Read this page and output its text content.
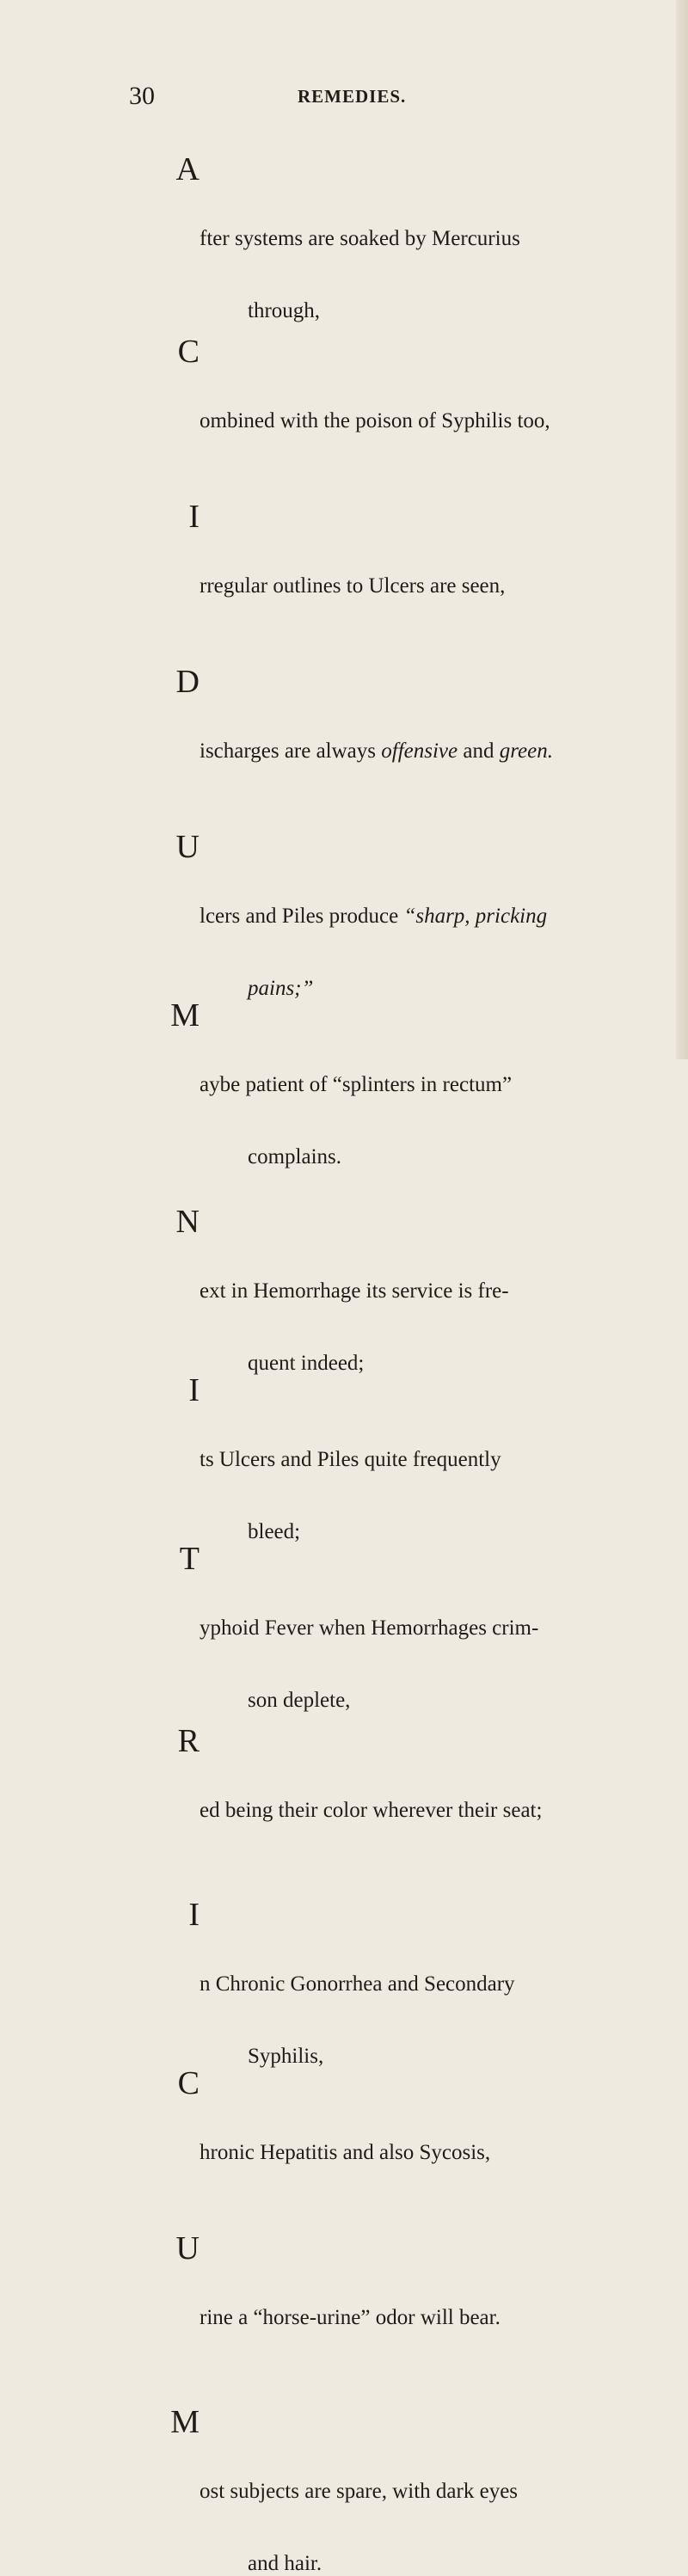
30	REMEDIES.

A

fter systems are soaked by Mercurius

through,

C

ombined with the poison of Syphilis too,

I

rregular outlines to Ulcers are seen,

D

ischarges are always offensive and green.

U

lcers and Piles produce “sharp, pricking

pains;”

M

aybe patient of “splinters in rectum”

complains.

N

ext in Hemorrhage its service is fre-

quent indeed;

I

ts Ulcers and Piles quite frequently

bleed;

T

yphoid Fever when Hemorrhages crim-

son deplete,

R

ed being their color wherever their seat;

I

n Chronic Gonorrhea and Secondary

Syphilis,

C

hronic Hepatitis and also Sycosis,

U

rine a “horse-urine” odor will bear.

M

ost subjects are spare, with dark eyes

and hair.
